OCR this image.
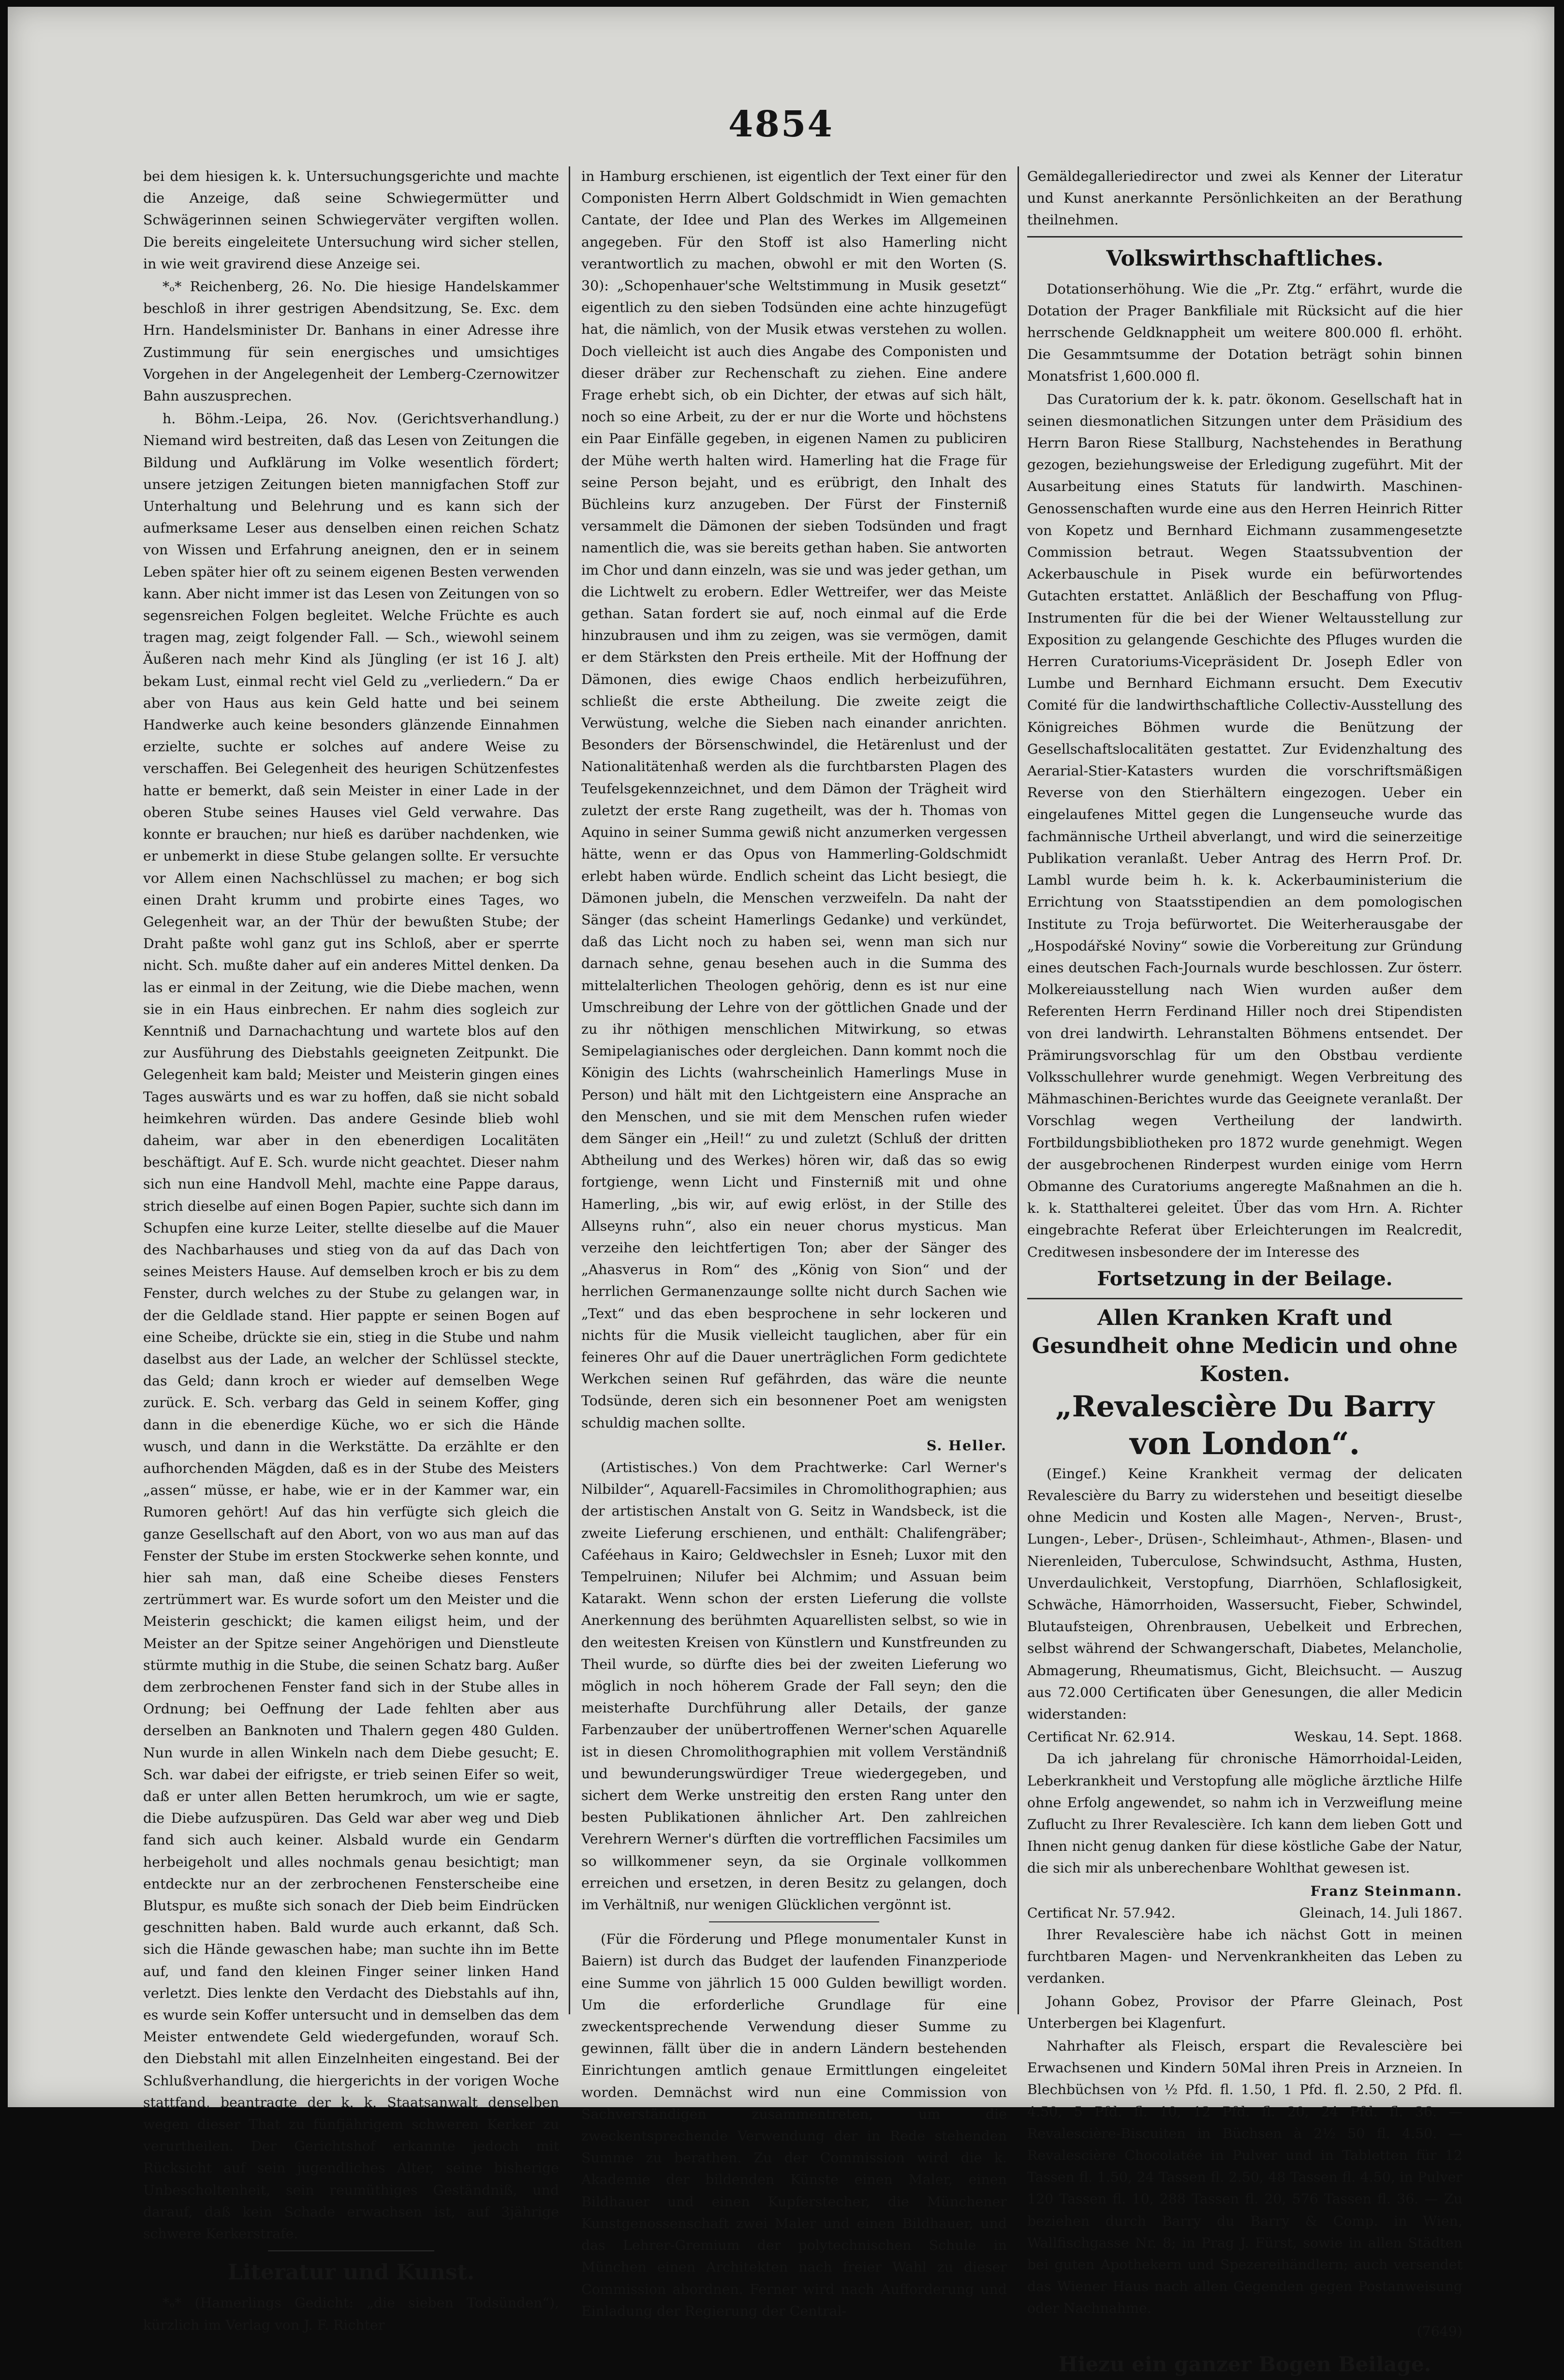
4854

bei dem hiesigen k. k. Untersuchungsgerichte und machte die Anzeige, daß seine Schwiegermütter und Schwägerinnen seinen Schwiegerväter vergiften wollen. Die bereits eingeleitete Untersuchung wird sicher stellen, in wie weit gravirend diese Anzeige sei.

*ₒ* Reichenberg, 26. No. Die hiesige Handelskammer beschloß in ihrer gestrigen Abendsitzung, Se. Exc. dem Hrn. Handelsminister Dr. Banhans in einer Adresse ihre Zustimmung für sein energisches und umsichtiges Vorgehen in der Angelegenheit der Lemberg-Czernowitzer Bahn auszusprechen.

h. Böhm.-Leipa, 26. Nov. (Gerichtsverhandlung.) Niemand wird bestreiten, daß das Lesen von Zeitungen die Bildung und Aufklärung im Volke wesentlich fördert; unsere jetzigen Zeitungen bieten mannigfachen Stoff zur Unterhaltung und Belehrung und es kann sich der aufmerksame Leser aus denselben einen reichen Schatz von Wissen und Erfahrung aneignen, den er in seinem Leben später hier oft zu seinem eigenen Besten verwenden kann. Aber nicht immer ist das Lesen von Zeitungen von so segensreichen Folgen begleitet. Welche Früchte es auch tragen mag, zeigt folgender Fall. — Sch., wiewohl seinem Äußeren nach mehr Kind als Jüngling (er ist 16 J. alt) bekam Lust, einmal recht viel Geld zu „verliedern.“ Da er aber von Haus aus kein Geld hatte und bei seinem Handwerke auch keine besonders glänzende Einnahmen erzielte, suchte er solches auf andere Weise zu verschaffen. Bei Gelegenheit des heurigen Schützenfestes hatte er bemerkt, daß sein Meister in einer Lade in der oberen Stube seines Hauses viel Geld verwahre. Das konnte er brauchen; nur hieß es darüber nachdenken, wie er unbemerkt in diese Stube gelangen sollte. Er versuchte vor Allem einen Nachschlüssel zu machen; er bog sich einen Draht krumm und probirte eines Tages, wo Gelegenheit war, an der Thür der bewußten Stube; der Draht paßte wohl ganz gut ins Schloß, aber er sperrte nicht. Sch. mußte daher auf ein anderes Mittel denken. Da las er einmal in der Zeitung, wie die Diebe machen, wenn sie in ein Haus einbrechen. Er nahm dies sogleich zur Kenntniß und Darnachachtung und wartete blos auf den zur Ausführung des Diebstahls geeigneten Zeitpunkt. Die Gelegenheit kam bald; Meister und Meisterin gingen eines Tages auswärts und es war zu hoffen, daß sie nicht sobald heimkehren würden. Das andere Gesinde blieb wohl daheim, war aber in den ebenerdigen Localitäten beschäftigt. Auf E. Sch. wurde nicht geachtet. Dieser nahm sich nun eine Handvoll Mehl, machte eine Pappe daraus, strich dieselbe auf einen Bogen Papier, suchte sich dann im Schupfen eine kurze Leiter, stellte dieselbe auf die Mauer des Nachbarhauses und stieg von da auf das Dach von seines Meisters Hause. Auf demselben kroch er bis zu dem Fenster, durch welches zu der Stube zu gelangen war, in der die Geldlade stand. Hier pappte er seinen Bogen auf eine Scheibe, drückte sie ein, stieg in die Stube und nahm daselbst aus der Lade, an welcher der Schlüssel steckte, das Geld; dann kroch er wieder auf demselben Wege zurück. E. Sch. verbarg das Geld in seinem Koffer, ging dann in die ebenerdige Küche, wo er sich die Hände wusch, und dann in die Werkstätte. Da erzählte er den aufhorchenden Mägden, daß es in der Stube des Meisters „assen“ müsse, er habe, wie er in der Kammer war, ein Rumoren gehört! Auf das hin verfügte sich gleich die ganze Gesellschaft auf den Abort, von wo aus man auf das Fenster der Stube im ersten Stockwerke sehen konnte, und hier sah man, daß eine Scheibe dieses Fensters zertrümmert war. Es wurde sofort um den Meister und die Meisterin geschickt; die kamen eiligst heim, und der Meister an der Spitze seiner Angehörigen und Dienstleute stürmte muthig in die Stube, die seinen Schatz barg. Außer dem zerbrochenen Fenster fand sich in der Stube alles in Ordnung; bei Oeffnung der Lade fehlten aber aus derselben an Banknoten und Thalern gegen 480 Gulden. Nun wurde in allen Winkeln nach dem Diebe gesucht; E. Sch. war dabei der eifrigste, er trieb seinen Eifer so weit, daß er unter allen Betten herumkroch, um wie er sagte, die Diebe aufzuspüren. Das Geld war aber weg und Dieb fand sich auch keiner. Alsbald wurde ein Gendarm herbeigeholt und alles nochmals genau besichtigt; man entdeckte nur an der zerbrochenen Fensterscheibe eine Blutspur, es mußte sich sonach der Dieb beim Eindrücken geschnitten haben. Bald wurde auch erkannt, daß Sch. sich die Hände gewaschen habe; man suchte ihn im Bette auf, und fand den kleinen Finger seiner linken Hand verletzt. Dies lenkte den Verdacht des Diebstahls auf ihn, es wurde sein Koffer untersucht und in demselben das dem Meister entwendete Geld wiedergefunden, worauf Sch. den Diebstahl mit allen Einzelnheiten eingestand. Bei der Schlußverhandlung, die hiergerichts in der vorigen Woche stattfand, beantragte der k. k. Staatsanwalt denselben wegen dieser That zu fünfjährigem schweren Kerker zu verurtheilen. Der Gerichtshof erkannte jedoch mit Rücksicht auf sein jugendliches Alter, seine bisherige Unbescholtenheit, sein reumüthiges Geständniß, und darauf, daß kein Schade erwachsen ist, auf 3jährige schwere Kerkerstrafe.

Literatur und Kunst.

*ₒ* (Hamerlings Gedicht: „die sieben Todsünden“), kürzlich im Verlag von J. F. Richter

in Hamburg erschienen, ist eigentlich der Text einer für den Componisten Herrn Albert Goldschmidt in Wien gemachten Cantate, der Idee und Plan des Werkes im Allgemeinen angegeben. Für den Stoff ist also Hamerling nicht verantwortlich zu machen, obwohl er mit den Worten (S. 30): „Schopenhauer'sche Weltstimmung in Musik gesetzt“ eigentlich zu den sieben Todsünden eine achte hinzugefügt hat, die nämlich, von der Musik etwas verstehen zu wollen. Doch vielleicht ist auch dies Angabe des Componisten und dieser dräber zur Rechenschaft zu ziehen. Eine andere Frage erhebt sich, ob ein Dichter, der etwas auf sich hält, noch so eine Arbeit, zu der er nur die Worte und höchstens ein Paar Einfälle gegeben, in eigenen Namen zu publiciren der Mühe werth halten wird. Hamerling hat die Frage für seine Person bejaht, und es erübrigt, den Inhalt des Büchleins kurz anzugeben. Der Fürst der Finsterniß versammelt die Dämonen der sieben Todsünden und fragt namentlich die, was sie bereits gethan haben. Sie antworten im Chor und dann einzeln, was sie und was jeder gethan, um die Lichtwelt zu erobern. Edler Wettreifer, wer das Meiste gethan. Satan fordert sie auf, noch einmal auf die Erde hinzubrausen und ihm zu zeigen, was sie vermögen, damit er dem Stärksten den Preis ertheile. Mit der Hoffnung der Dämonen, dies ewige Chaos endlich herbeizuführen, schließt die erste Abtheilung. Die zweite zeigt die Verwüstung, welche die Sieben nach einander anrichten. Besonders der Börsenschwindel, die Hetärenlust und der Nationalitätenhaß werden als die furchtbarsten Plagen des Teufelsgekennzeichnet, und dem Dämon der Trägheit wird zuletzt der erste Rang zugetheilt, was der h. Thomas von Aquino in seiner Summa gewiß nicht anzumerken vergessen hätte, wenn er das Opus von Hammerling-Goldschmidt erlebt haben würde. Endlich scheint das Licht besiegt, die Dämonen jubeln, die Menschen verzweifeln. Da naht der Sänger (das scheint Hamerlings Gedanke) und verkündet, daß das Licht noch zu haben sei, wenn man sich nur darnach sehne, genau besehen auch in die Summa des mittelalterlichen Theologen gehörig, denn es ist nur eine Umschreibung der Lehre von der göttlichen Gnade und der zu ihr nöthigen menschlichen Mitwirkung, so etwas Semipelagianisches oder dergleichen. Dann kommt noch die Königin des Lichts (wahrscheinlich Hamerlings Muse in Person) und hält mit den Lichtgeistern eine Ansprache an den Menschen, und sie mit dem Menschen rufen wieder dem Sänger ein „Heil!“ zu und zuletzt (Schluß der dritten Abtheilung und des Werkes) hören wir, daß das so ewig fortgienge, wenn Licht und Finsterniß mit und ohne Hamerling, „bis wir, auf ewig erlöst, in der Stille des Allseyns ruhn“, also ein neuer chorus mysticus. Man verzeihe den leichtfertigen Ton; aber der Sänger des „Ahasverus in Rom“ des „König von Sion“ und der herrlichen Germanenzaunge sollte nicht durch Sachen wie „Text“ und das eben besprochene in sehr lockeren und nichts für die Musik vielleicht tauglichen, aber für ein feineres Ohr auf die Dauer unerträglichen Form gedichtete Werkchen seinen Ruf gefährden, das wäre die neunte Todsünde, deren sich ein besonnener Poet am wenigsten schuldig machen sollte.

S. Heller.

(Artistisches.) Von dem Prachtwerke: Carl Werner's Nilbilder“, Aquarell-Facsimiles in Chromolithographien; aus der artistischen Anstalt von G. Seitz in Wandsbeck, ist die zweite Lieferung erschienen, und enthält: Chalifengräber; Caféehaus in Kairo; Geldwechsler in Esneh; Luxor mit den Tempelruinen; Nilufer bei Alchmim; und Assuan beim Katarakt. Wenn schon der ersten Lieferung die vollste Anerkennung des berühmten Aquarellisten selbst, so wie in den weitesten Kreisen von Künstlern und Kunstfreunden zu Theil wurde, so dürfte dies bei der zweiten Lieferung wo möglich in noch höherem Grade der Fall seyn; den die meisterhafte Durchführung aller Details, der ganze Farbenzauber der unübertroffenen Werner'schen Aquarelle ist in diesen Chromolithographien mit vollem Verständniß und bewunderungswürdiger Treue wiedergegeben, und sichert dem Werke unstreitig den ersten Rang unter den besten Publikationen ähnlicher Art. Den zahlreichen Verehrern Werner's dürften die vortrefflichen Facsimiles um so willkommener seyn, da sie Orginale vollkommen erreichen und ersetzen, in deren Besitz zu gelangen, doch im Verhältniß, nur wenigen Glücklichen vergönnt ist.

(Für die Förderung und Pflege monumentaler Kunst in Baiern) ist durch das Budget der laufenden Finanzperiode eine Summe von jährlich 15 000 Gulden bewilligt worden. Um die erforderliche Grundlage für eine zweckentsprechende Verwendung dieser Summe zu gewinnen, fällt über die in andern Ländern bestehenden Einrichtungen amtlich genaue Ermittlungen eingeleitet worden. Demnächst wird nun eine Commission von Sachverständigen zusammentreten, um die zweckentsprechende Verwendung der in Rede stehenden Summe zu berathen. Zu der Commission wird die k. Akademie der bildenden Künste einen Maler, einen Bildhauer und einen Kupferstecher, die Münchener Kunstgenossenschaft zwei Maler und einen Bildhauer, und das Lehrer-Gremium der polytechnischen Schule in München einen Architekten nach freier Wahl zu dieser Commission abordnen. Ferner wird nach Aufforderung und Einladung der Regierung der Central-

Gemäldegalleriedirector und zwei als Kenner der Literatur und Kunst anerkannte Persönlichkeiten an der Berathung theilnehmen.

Volkswirthschaftliches.

Dotationserhöhung. Wie die „Pr. Ztg.“ erfährt, wurde die Dotation der Prager Bankfiliale mit Rücksicht auf die hier herrschende Geldknappheit um weitere 800.000 fl. erhöht. Die Gesammtsumme der Dotation beträgt sohin binnen Monatsfrist 1,600.000 fl.

Das Curatorium der k. k. patr. ökonom. Gesellschaft hat in seinen diesmonatlichen Sitzungen unter dem Präsidium des Herrn Baron Riese Stallburg, Nachstehendes in Berathung gezogen, beziehungsweise der Erledigung zugeführt. Mit der Ausarbeitung eines Statuts für landwirth. Maschinen-Genossenschaften wurde eine aus den Herren Heinrich Ritter von Kopetz und Bernhard Eichmann zusammengesetzte Commission betraut. Wegen Staatssubvention der Ackerbauschule in Pisek wurde ein befürwortendes Gutachten erstattet. Anläßlich der Beschaffung von Pflug-Instrumenten für die bei der Wiener Weltausstellung zur Exposition zu gelangende Geschichte des Pfluges wurden die Herren Curatoriums-Vicepräsident Dr. Joseph Edler von Lumbe und Bernhard Eichmann ersucht. Dem Executiv Comité für die landwirthschaftliche Collectiv-Ausstellung des Königreiches Böhmen wurde die Benützung der Gesellschaftslocalitäten gestattet. Zur Evidenzhaltung des Aerarial-Stier-Katasters wurden die vorschriftsmäßigen Reverse von den Stierhältern eingezogen. Ueber ein eingelaufenes Mittel gegen die Lungenseuche wurde das fachmännische Urtheil abverlangt, und wird die seinerzeitige Publikation veranlaßt. Ueber Antrag des Herrn Prof. Dr. Lambl wurde beim h. k. k. Ackerbauministerium die Errichtung von Staatsstipendien an dem pomologischen Institute zu Troja befürwortet. Die Weiterherausgabe der „Hospodářské Noviny“ sowie die Vorbereitung zur Gründung eines deutschen Fach-Journals wurde beschlossen. Zur österr. Molkereiausstellung nach Wien wurden außer dem Referenten Herrn Ferdinand Hiller noch drei Stipendisten von drei landwirth. Lehranstalten Böhmens entsendet. Der Prämirungsvorschlag für um den Obstbau verdiente Volksschullehrer wurde genehmigt. Wegen Verbreitung des Mähmaschinen-Berichtes wurde das Geeignete veranlaßt. Der Vorschlag wegen Vertheilung der landwirth. Fortbildungsbibliotheken pro 1872 wurde genehmigt. Wegen der ausgebrochenen Rinderpest wurden einige vom Herrn Obmanne des Curatoriums angeregte Maßnahmen an die h. k. k. Statthalterei geleitet. Über das vom Hrn. A. Richter eingebrachte Referat über Erleichterungen im Realcredit, Creditwesen insbesondere der im Interesse des

Fortsetzung in der Beilage.
Allen Kranken Kraft und Gesundheit ohne Medicin und ohne Kosten.
„Revalescière Du Barry
von London“.

(Eingef.) Keine Krankheit vermag der delicaten Revalescière du Barry zu widerstehen und beseitigt dieselbe ohne Medicin und Kosten alle Magen-, Nerven-, Brust-, Lungen-, Leber-, Drüsen-, Schleimhaut-, Athmen-, Blasen- und Nierenleiden, Tuberculose, Schwindsucht, Asthma, Husten, Unverdaulichkeit, Verstopfung, Diarrhöen, Schlaflosigkeit, Schwäche, Hämorrhoiden, Wassersucht, Fieber, Schwindel, Blutaufsteigen, Ohrenbrausen, Uebelkeit und Erbrechen, selbst während der Schwangerschaft, Diabetes, Melancholie, Abmagerung, Rheumatismus, Gicht, Bleichsucht. — Auszug aus 72.000 Certificaten über Genesungen, die aller Medicin widerstanden:

Certificat Nr. 62.914.	Weskau, 14. Sept. 1868.

Da ich jahrelang für chronische Hämorrhoidal-Leiden, Leberkrankheit und Verstopfung alle mögliche ärztliche Hilfe ohne Erfolg angewendet, so nahm ich in Verzweiflung meine Zuflucht zu Ihrer Revalescière. Ich kann dem lieben Gott und Ihnen nicht genug danken für diese köstliche Gabe der Natur, die sich mir als unberechenbare Wohlthat gewesen ist.

Franz Steinmann.
Certificat Nr. 57.942.	Gleinach, 14. Juli 1867.

Ihrer Revalescière habe ich nächst Gott in meinen furchtbaren Magen- und Nervenkrankheiten das Leben zu verdanken.

Johann Gobez, Provisor der Pfarre Gleinach, Post Unterbergen bei Klagenfurt.

Nahrhafter als Fleisch, erspart die Revalescière bei Erwachsenen und Kindern 50Mal ihren Preis in Arzneien. In Blechbüchsen von ½ Pfd. fl. 1.50, 1 Pfd. fl. 2.50, 2 Pfd. fl. 4.50, 5 Pfd. fl. 10, 12 Pfd. fl. 20, 24 Pfd. fl. 36. — Revalescière-Biscuiten in Büchsen à 2½ 50 fl. 4.50. — Revalescière Chocolatée in Pulver und in Tabletten für 12 Tassen fl. 1.50, 24 Tassen fl. 2.50, 48 Tassen fl. 4.50, in Pulver 120 Tassen fl. 10, 288 Tassen fl. 20, 576 Tassen fl. 36. — Zu beziehen durch Barry du Barry & Comp. in Wien, Wallfischgasse Nr. 8; in Prag J. Fürst, sowie in allen Städten bei guten Apothekern und Spezereihändlern; auch versendet das Wiener Haus nach allen Gegenden gegen Postanweisung oder Nachnahme.

(7649)
Hiezu ein ganzer Bogen Beilage.
